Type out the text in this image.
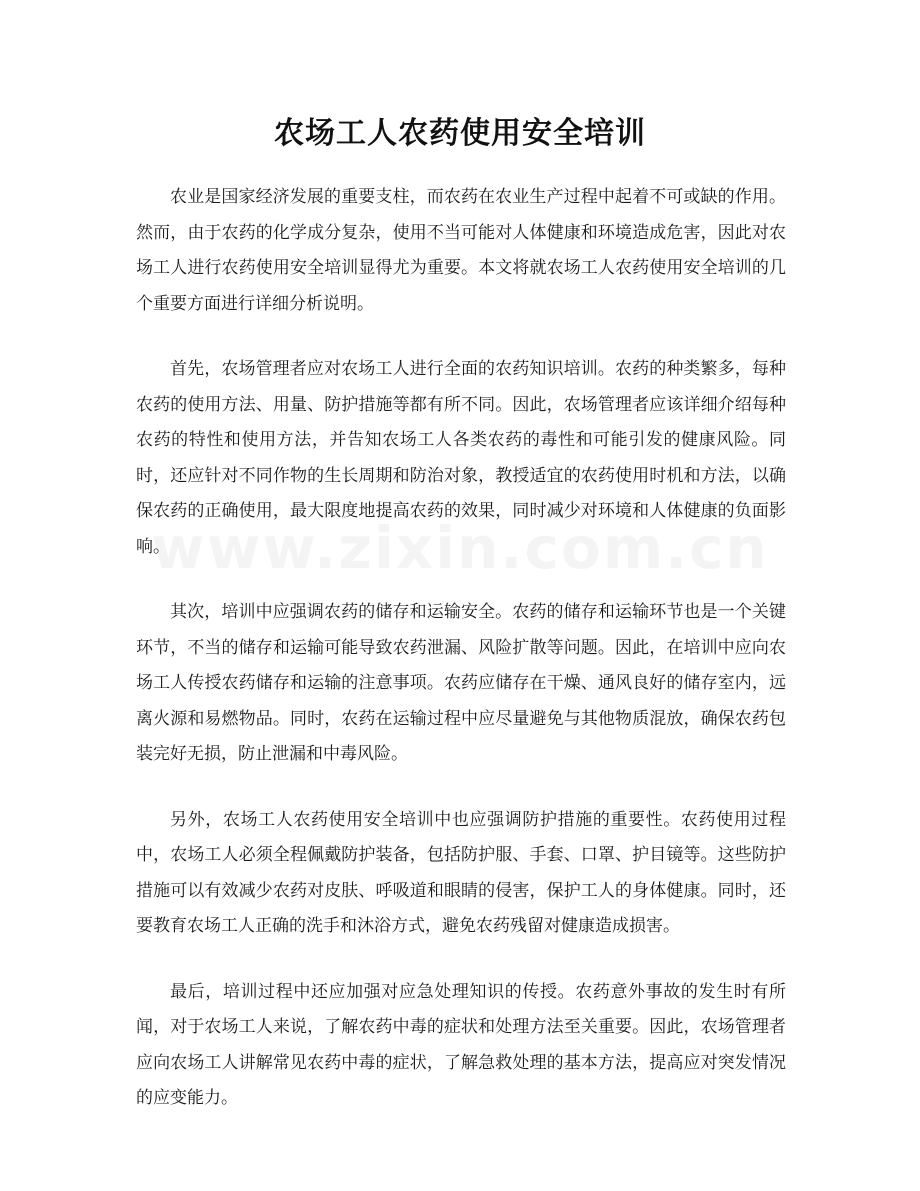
农场工人农药使用安全培训

农业是国家经济发展的重要支柱，而农药在农业生产过程中起着不可或缺的作用。然而，由于农药的化学成分复杂，使用不当可能对人体健康和环境造成危害，因此对农场工人进行农药使用安全培训显得尤为重要。本文将就农场工人农药使用安全培训的几个重要方面进行详细分析说明。

首先，农场管理者应对农场工人进行全面的农药知识培训。农药的种类繁多，每种农药的使用方法、用量、防护措施等都有所不同。因此，农场管理者应该详细介绍每种农药的特性和使用方法，并告知农场工人各类农药的毒性和可能引发的健康风险。同时，还应针对不同作物的生长周期和防治对象，教授适宜的农药使用时机和方法，以确保农药的正确使用，最大限度地提高农药的效果，同时减少对环境和人体健康的负面影响。

其次，培训中应强调农药的储存和运输安全。农药的储存和运输环节也是一个关键环节，不当的储存和运输可能导致农药泄漏、风险扩散等问题。因此，在培训中应向农场工人传授农药储存和运输的注意事项。农药应储存在干燥、通风良好的储存室内，远离火源和易燃物品。同时，农药在运输过程中应尽量避免与其他物质混放，确保农药包装完好无损，防止泄漏和中毒风险。

另外，农场工人农药使用安全培训中也应强调防护措施的重要性。农药使用过程中，农场工人必须全程佩戴防护装备，包括防护服、手套、口罩、护目镜等。这些防护措施可以有效减少农药对皮肤、呼吸道和眼睛的侵害，保护工人的身体健康。同时，还要教育农场工人正确的洗手和沐浴方式，避免农药残留对健康造成损害。

最后，培训过程中还应加强对应急处理知识的传授。农药意外事故的发生时有所闻，对于农场工人来说，了解农药中毒的症状和处理方法至关重要。因此，农场管理者应向农场工人讲解常见农药中毒的症状，了解急救处理的基本方法，提高应对突发情况的应变能力。
